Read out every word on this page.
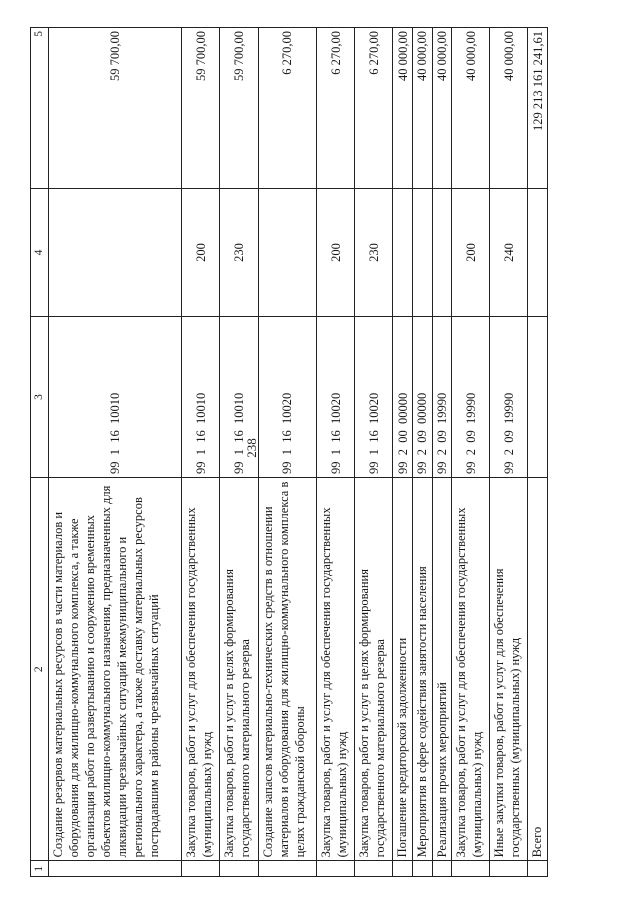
238
1	2	3	4	5
	Создание резервов материальных ресурсов в части материалов и оборудования для жилищно-коммунального комплекса, а также организация работ по развертыванию и сооружению временных объектов жилищно-коммунального назначения, предназначенных для ликвидации чрезвычайных ситуаций межмуниципального и регионального характера, а также доставку материальных ресурсов пострадавшим в районы чрезвычайных ситуаций	99  1  16  10010		59 700,00
	Закупка товаров, работ и услуг для обеспечения государственных (муниципальных) нужд	99  1  16  10010	200	59 700,00
	Закупка товаров, работ и услуг в целях формирования государственного материального резерва	99  1  16  10010	230	59 700,00
	Создание запасов материально-технических средств в отношении материалов и оборудования для жилищно-коммунального комплекса в целях гражданской обороны	99  1  16  10020		6 270,00
	Закупка товаров, работ и услуг для обеспечения государственных (муниципальных) нужд	99  1  16  10020	200	6 270,00
	Закупка товаров, работ и услуг в целях формирования государственного материального резерва	99  1  16  10020	230	6 270,00
	Погашение кредиторской задолженности	99  2  00  00000		40 000,00
	Мероприятия в сфере содействия занятости населения	99  2  09  00000		40 000,00
	Реализация прочих мероприятий	99  2  09  19990		40 000,00
	Закупка товаров, работ и услуг для обеспечения государственных (муниципальных) нужд	99  2  09  19990	200	40 000,00
	Иные закупки товаров, работ и услуг для обеспечения государственных (муниципальных) нужд	99  2  09  19990	240	40 000,00
	Всего			129 213 161 241,61
